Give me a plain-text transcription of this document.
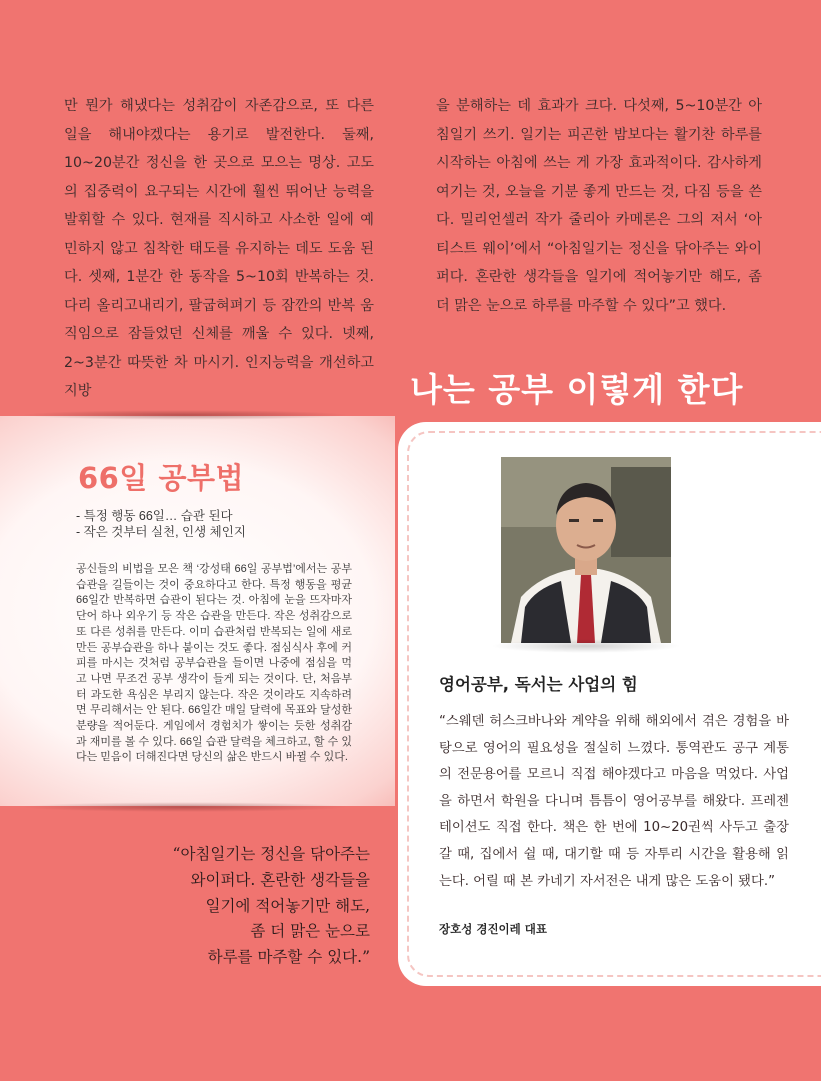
만 뭔가 해냈다는 성취감이 자존감으로, 또 다른 일을 해내야겠다는 용기로 발전한다. 둘째, 10~20분간 정신을 한 곳으로 모으는 명상. 고도의 집중력이 요구되는 시간에 훨씬 뛰어난 능력을 발휘할 수 있다. 현재를 직시하고 사소한 일에 예민하지 않고 침착한 태도를 유지하는 데도 도움 된다. 셋째, 1분간 한 동작을 5~10회 반복하는 것. 다리 올리고내리기, 팔굽혀펴기 등 잠깐의 반복 움직임으로 잠들었던 신체를 깨울 수 있다. 넷째, 2~3분간 따뜻한 차 마시기. 인지능력을 개선하고 지방

을 분해하는 데 효과가 크다. 다섯째, 5~10분간 아침일기 쓰기. 일기는 피곤한 밤보다는 활기찬 하루를 시작하는 아침에 쓰는 게 가장 효과적이다. 감사하게 여기는 것, 오늘을 기분 좋게 만드는 것, 다짐 등을 쓴다. 밀리언셀러 작가 줄리아 카메론은 그의 저서 ‘아티스트 웨이’에서 “아침일기는 정신을 닦아주는 와이퍼다. 혼란한 생각들을 일기에 적어놓기만 해도, 좀 더 맑은 눈으로 하루를 마주할 수 있다”고 했다.

나는 공부 이렇게 한다
66일 공부법
- 특정 행동 66일… 습관 된다
- 작은 것부터 실천, 인생 체인지
공신들의 비법을 모은 책 ‘강성태 66일 공부법’에서는 공부 습관을 길들이는 것이 중요하다고 한다. 특정 행동을 평균 66일간 반복하면 습관이 된다는 것. 아침에 눈을 뜨자마자 단어 하나 외우기 등 작은 습관을 만든다. 작은 성취감으로 또 다른 성취를 만든다. 이미 습관처럼 반복되는 일에 새로 만든 공부습관을 하나 붙이는 것도 좋다. 점심식사 후에 커피를 마시는 것처럼 공부습관을 들이면 나중에 점심을 먹고 나면 무조건 공부 생각이 들게 되는 것이다. 단, 처음부터 과도한 욕심은 부리지 않는다. 작은 것이라도 지속하려면 무리해서는 안 된다. 66일간 매일 달력에 목표와 달성한 분량을 적어둔다. 게임에서 경험치가 쌓이는 듯한 성취감과 재미를 볼 수 있다. 66일 습관 달력을 체크하고, 할 수 있다는 믿음이 더해진다면 당신의 삶은 반드시 바뀔 수 있다.
“아침일기는 정신을 닦아주는
와이퍼다. 혼란한 생각들을
일기에 적어놓기만 해도,
좀 더 맑은 눈으로
하루를 마주할 수 있다.”
영어공부, 독서는 사업의 힘

“스웨덴 허스크바나와 계약을 위해 해외에서 겪은 경험을 바탕으로 영어의 필요성을 절실히 느꼈다. 통역관도 공구 계통의 전문용어를 모르니 직접 해야겠다고 마음을 먹었다. 사업을 하면서 학원을 다니며 틈틈이 영어공부를 해왔다. 프레젠테이션도 직접 한다. 책은 한 번에 10~20권씩 사두고 출장 갈 때, 집에서 쉴 때, 대기할 때 등 자투리 시간을 활용해 읽는다. 어릴 때 본 카네기 자서전은 내게 많은 도움이 됐다.”

장호성 경진이레 대표
